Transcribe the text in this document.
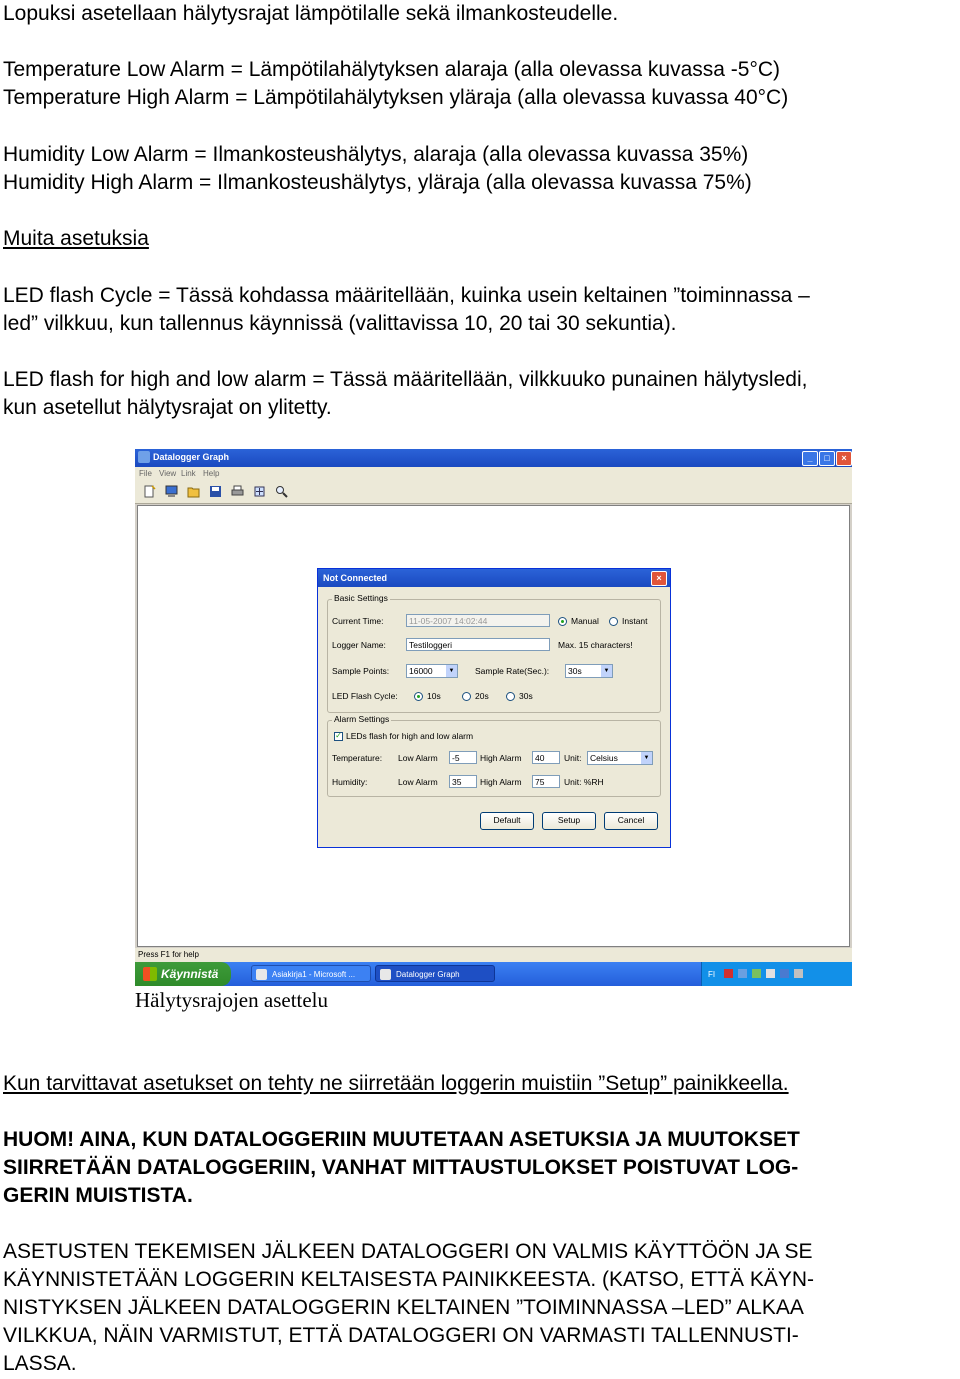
Lopuksi asetellaan hälytysrajat lämpötilalle sekä ilmankosteudelle.

Temperature Low Alarm = Lämpötilahälytyksen alaraja (alla olevassa kuvassa -5°C)

Temperature High Alarm = Lämpötilahälytyksen yläraja (alla olevassa kuvassa 40°C)

Humidity Low Alarm = Ilmankosteushälytys, alaraja (alla olevassa kuvassa 35%)

Humidity High Alarm = Ilmankosteushälytys, yläraja (alla olevassa kuvassa 75%)

Muita asetuksia

LED flash Cycle = Tässä kohdassa määritellään, kuinka usein keltainen ”toiminnassa –

led” vilkkuu, kun tallennus käynnissä (valittavissa 10, 20 tai 30 sekuntia).

LED flash for high and low alarm = Tässä määritellään, vilkkuuko punainen hälytysledi,

kun asetellut hälytysrajat on ylitetty.

Datalogger Graph	_	□	×
File View Link Help
Press F1 for help
Käynnistä	Asiakirja1 - Microsoft ...	Datalogger Graph	FI
Not Connected	×
Basic Settings
Current Time:	11-05-2007 14:02:44	Manual	Instant
Logger Name:	Testiloggeri	Max. 15 characters!
Sample Points:	16000	▼ Sample Rate(Sec.):	30s	▼
LED Flash Cycle:	10s	20s	30s
Alarm Settings
✓ LEDs flash for high and low alarm
Temperature: Low Alarm	-5	High Alarm	40	Unit:	Celsius	▼
Humidity:	Low Alarm	35	High Alarm	75	Unit: %RH
Default	Setup	Cancel
Hälytysrajojen asettelu

Kun tarvittavat asetukset on tehty ne siirretään loggerin muistiin ”Setup” painikkeella.

HUOM! AINA, KUN DATALOGGERIIN MUUTETAAN ASETUKSIA JA MUUTOKSET

SIIRRETÄÄN DATALOGGERIIN, VANHAT MITTAUSTULOKSET POISTUVAT LOG-

GERIN MUISTISTA.

ASETUSTEN TEKEMISEN JÄLKEEN DATALOGGERI ON VALMIS KÄYTTÖÖN JA SE

KÄYNNISTETÄÄN LOGGERIN KELTAISESTA PAINIKKEESTA. (KATSO, ETTÄ KÄYN-

NISTYKSEN JÄLKEEN DATALOGGERIN KELTAINEN ”TOIMINNASSA –LED” ALKAA

VILKKUA, NÄIN VARMISTUT, ETTÄ DATALOGGERI ON VARMASTI TALLENNUSTI-

LASSA.
